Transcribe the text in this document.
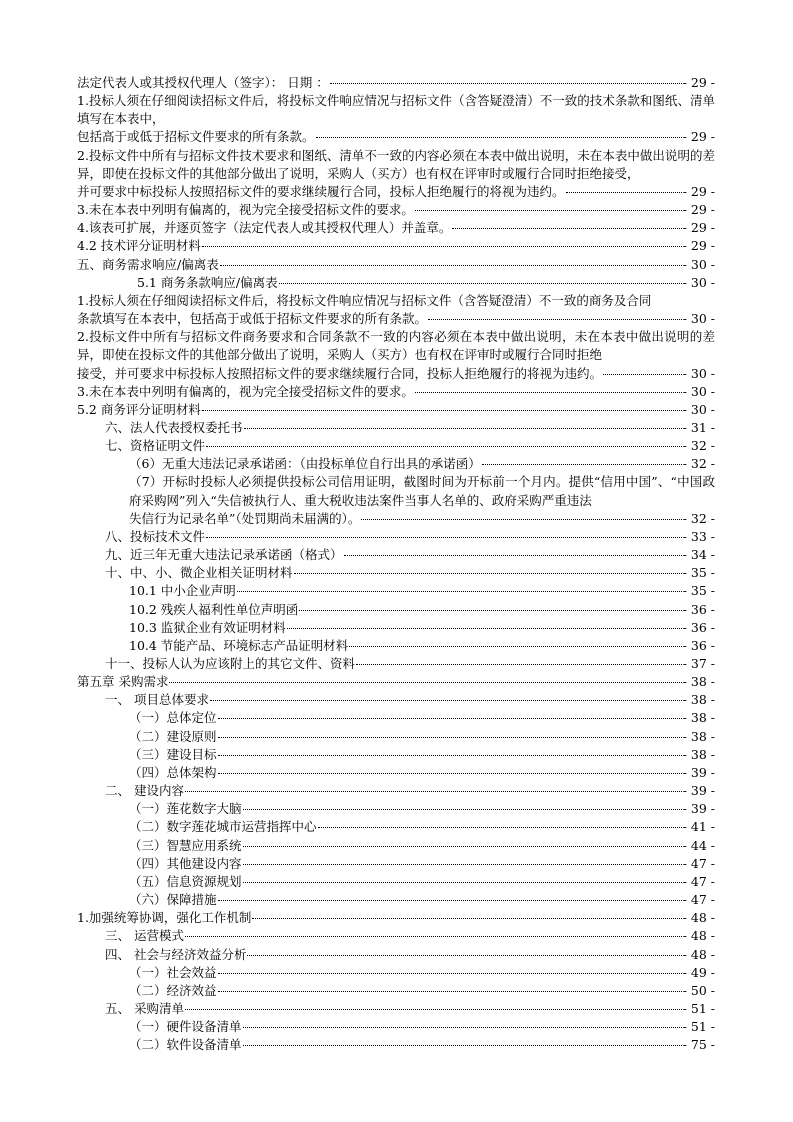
法定代表人或其授权代理人（签字）： 日期 ：	- 29 -
1.投标人须在仔细阅读招标文件后，将投标文件响应情况与招标文件（含答疑澄清）不一致的技术条款和图纸、清单填写在本表中，
包括高于或低于招标文件要求的所有条款。	- 29 -
2.投标文件中所有与招标文件技术要求和图纸、清单不一致的内容必须在本表中做出说明，未在本表中做出说明的差异，即使在投标文件的其他部分做出了说明，采购人（买方）也有权在评审时或履行合同时拒绝接受，
并可要求中标投标人按照招标文件的要求继续履行合同，投标人拒绝履行的将视为违约。	- 29 -
3.未在本表中列明有偏离的，视为完全接受招标文件的要求。	- 29 -
4.该表可扩展，并逐页签字（法定代表人或其授权代理人）并盖章。	- 29 -
4.2 技术评分证明材料	- 29 -
五、商务需求响应/偏离表	- 30 -
5.1 商务条款响应/偏离表	- 30 -
1.投标人须在仔细阅读招标文件后，将投标文件响应情况与招标文件（含答疑澄清）不一致的商务及合同
条款填写在本表中，包括高于或低于招标文件要求的所有条款。	- 30 -
2.投标文件中所有与招标文件商务要求和合同条款不一致的内容必须在本表中做出说明，未在本表中做出说明的差异，即使在投标文件的其他部分做出了说明，采购人（买方）也有权在评审时或履行合同时拒绝
接受，并可要求中标投标人按照招标文件的要求继续履行合同，投标人拒绝履行的将视为违约。	- 30 -
3.未在本表中列明有偏离的，视为完全接受招标文件的要求。	- 30 -
5.2 商务评分证明材料	- 30 -
六、法人代表授权委托书	- 31 -
七、资格证明文件	- 32 -
（6）无重大违法记录承诺函：（由投标单位自行出具的承诺函）	- 32 -
（7）开标时投标人必须提供投标公司信用证明，截图时间为开标前一个月内。提供“信用中国”、“中国政府采购网”列入“失信被执行人、重大税收违法案件当事人名单的、政府采购严重违法
失信行为记录名单”（处罚期尚未届满的）。	- 32 -
八、投标技术文件	- 33 -
九、近三年无重大违法记录承诺函（格式）	- 34 -
十、中、小、微企业相关证明材料	- 35 -
10.1 中小企业声明	- 35 -
10.2 残疾人福利性单位声明函	- 36 -
10.3 监狱企业有效证明材料	- 36 -
10.4 节能产品、环境标志产品证明材料	- 36 -
十一、投标人认为应该附上的其它文件、资料	- 37 -
第五章 采购需求	- 38 -
一、 项目总体要求	- 38 -
（一）总体定位	- 38 -
（二）建设原则	- 38 -
（三）建设目标	- 38 -
（四）总体架构	- 39 -
二、 建设内容	- 39 -
（一）莲花数字大脑	- 39 -
（二）数字莲花城市运营指挥中心	- 41 -
（三）智慧应用系统	- 44 -
（四）其他建设内容	- 47 -
（五）信息资源规划	- 47 -
（六）保障措施	- 47 -
1.加强统筹协调，强化工作机制	- 48 -
三、 运营模式	- 48 -
四、 社会与经济效益分析	- 48 -
（一）社会效益	- 49 -
（二）经济效益	- 50 -
五、 采购清单	- 51 -
（一）硬件设备清单	- 51 -
（二）软件设备清单	- 75 -
